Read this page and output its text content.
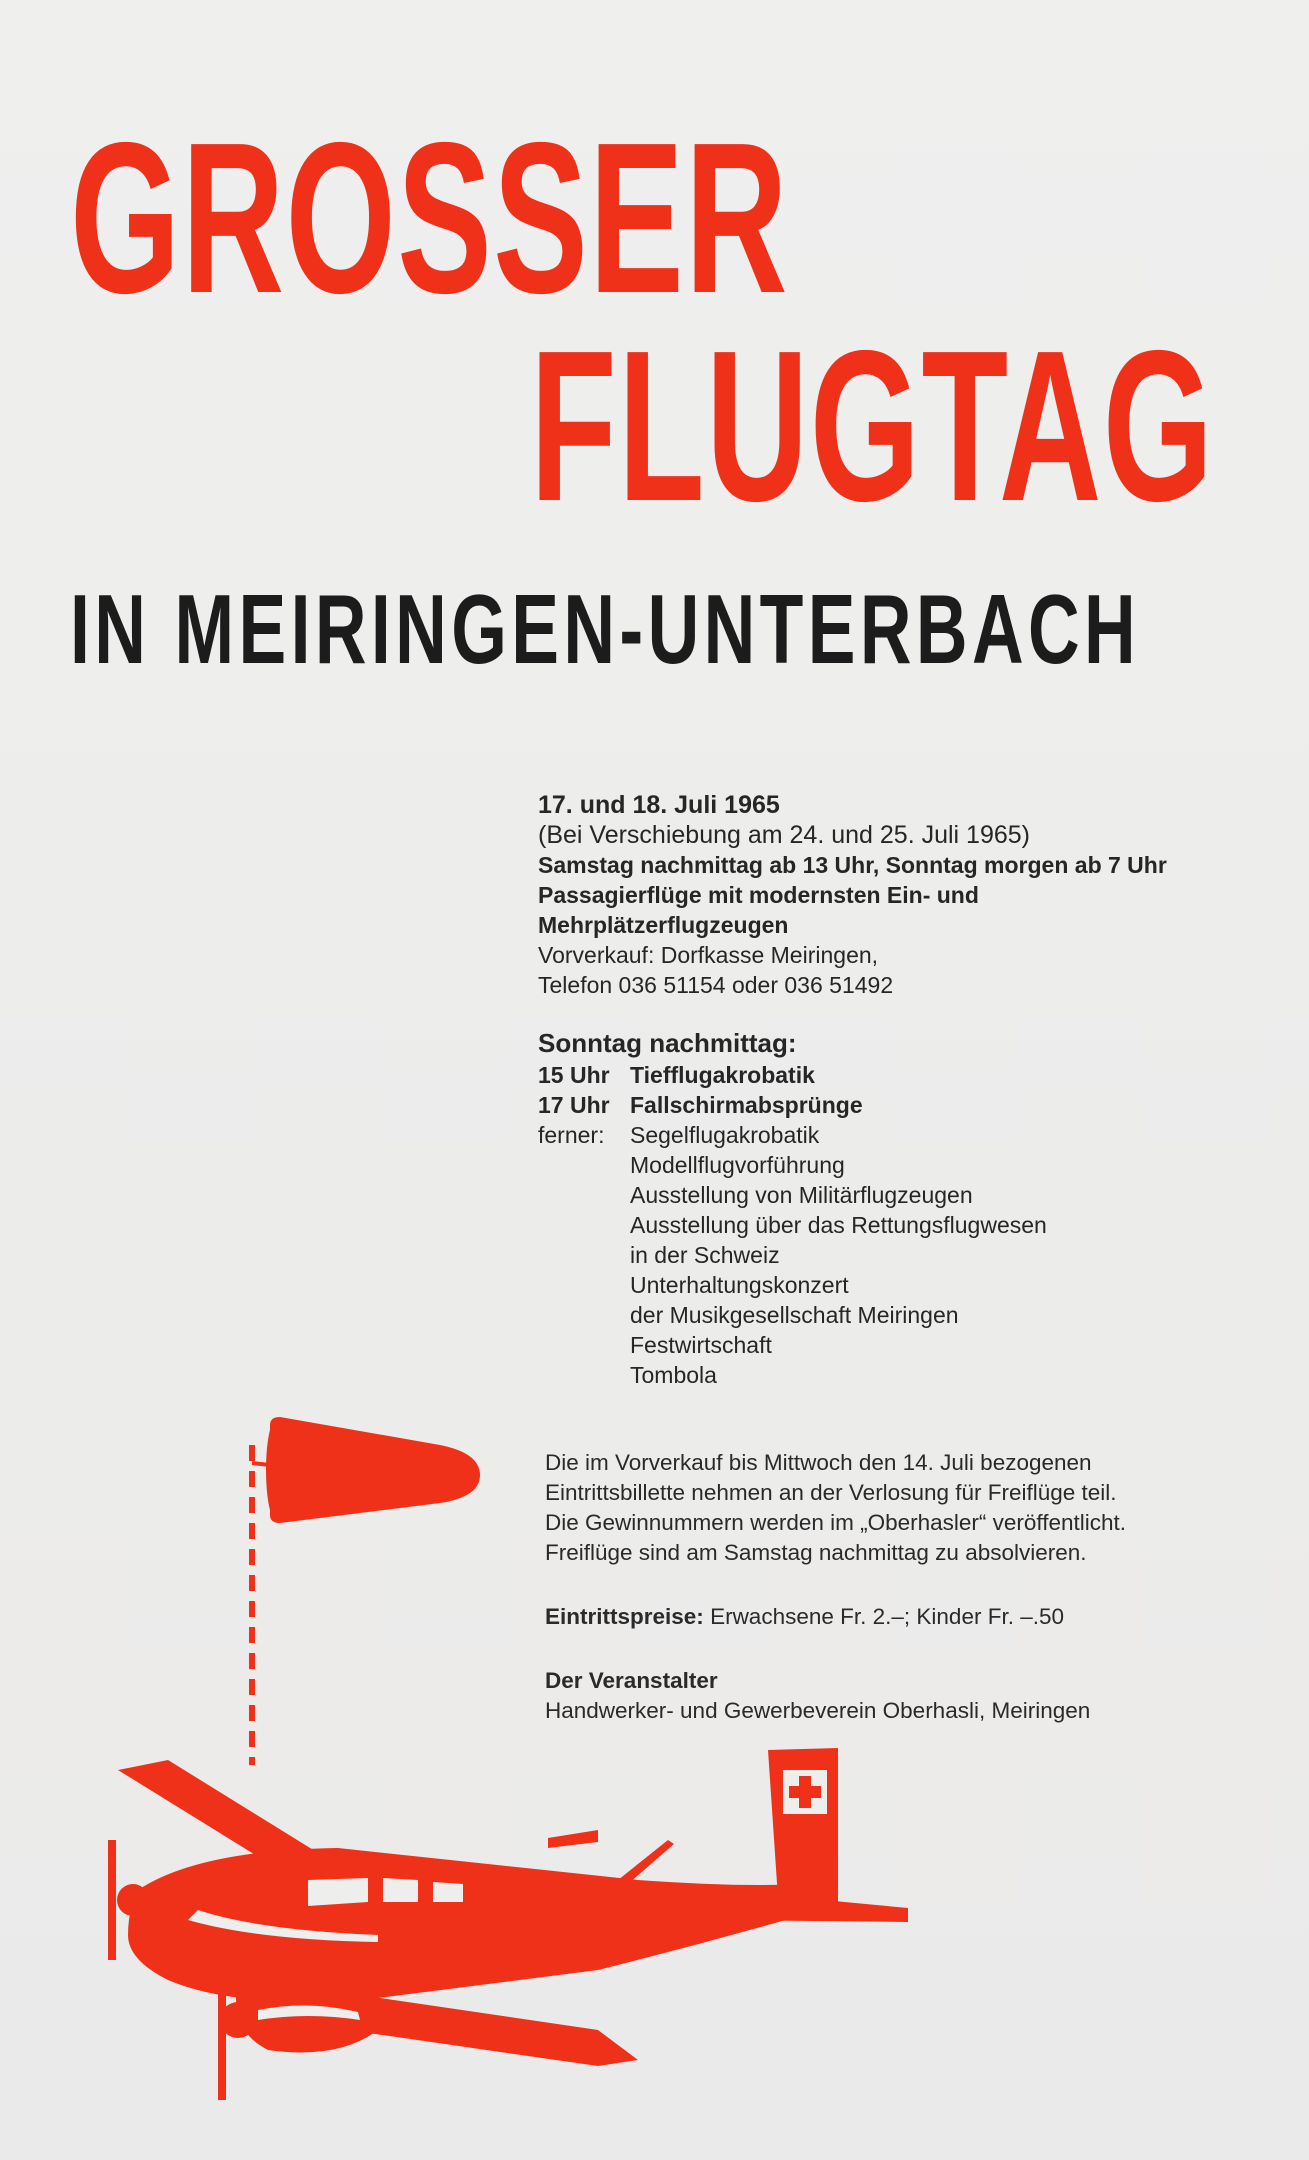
GROSSER
FLUGTAG
IN MEIRINGEN-UNTERBACH
17. und 18. Juli 1965
(Bei Verschiebung am 24. und 25. Juli 1965)
Samstag nachmittag ab 13 Uhr, Sonntag morgen ab 7 Uhr
Passagierflüge mit modernsten Ein- und
Mehrplätzerflugzeugen
Vorverkauf: Dorfkasse Meiringen,
Telefon 036 51154 oder 036 51492
Sonntag nachmittag:
15 Uhr Tiefflugakrobatik
17 Uhr Fallschirmabsprünge
ferner:	Segelflugakrobatik
Modellflugvorführung
Ausstellung von Militärflugzeugen
Ausstellung über das Rettungsflugwesen
in der Schweiz
Unterhaltungskonzert
der Musikgesellschaft Meiringen
Festwirtschaft
Tombola
Die im Vorverkauf bis Mittwoch den 14. Juli bezogenen
Eintrittsbillette nehmen an der Verlosung für Freiflüge teil.
Die Gewinnummern werden im „Oberhasler“ veröffentlicht.
Freiflüge sind am Samstag nachmittag zu absolvieren.
Eintrittspreise: Erwachsene Fr. 2.–; Kinder Fr. –.50
Der Veranstalter
Handwerker- und Gewerbeverein Oberhasli, Meiringen
